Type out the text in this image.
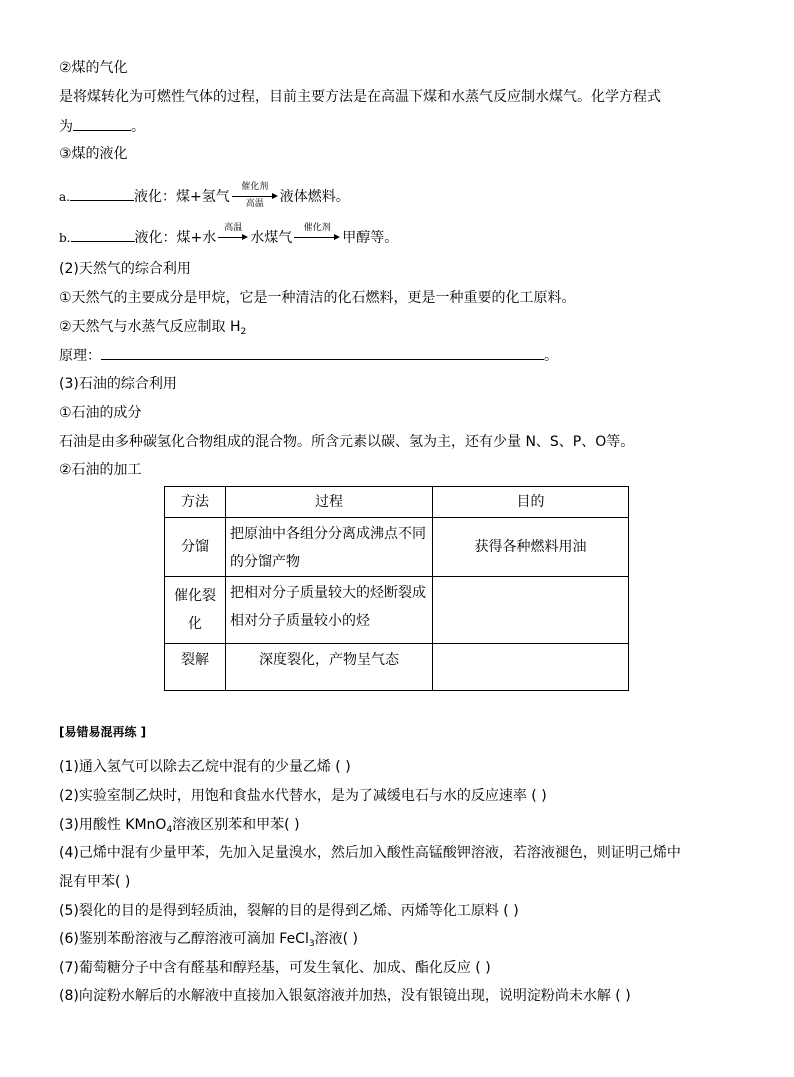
②煤的气化
是将煤转化为可燃性气体的过程，目前主要方法是在高温下煤和水蒸气反应制水煤气。化学方程式
为	。
③煤的液化
a.	液化：煤+氢气
催化剂
高温	液体燃料。
b.	液化：煤+水
高温
水煤气
催化剂
甲醇等。
(2)天然气的综合利用
①天然气的主要成分是甲烷，它是一种清洁的化石燃料，更是一种重要的化工原料。
②天然气与水蒸气反应制取 $H_2$
原理：	。
(3)石油的综合利用
①石油的成分
石油是由多种碳氢化合物组成的混合物。所含元素以碳、氢为主，还有少量 N、S、P、O等。
②石油的加工
方法	过程	目的
分馏	把原油中各组分分离成沸点不同的分馏产物	获得各种燃料用油
催化裂化	把相对分子质量较大的烃断裂成相对分子质量较小的烃	
裂解	深度裂化，产物呈气态	
[易错易混再练 ]
(1)通入氢气可以除去乙烷中混有的少量乙烯 ( )
(2)实验室制乙炔时，用饱和食盐水代替水，是为了减缓电石与水的反应速率 ( )
(3)用酸性 KMnO$_4$溶液区别苯和甲苯( )
(4)己烯中混有少量甲苯，先加入足量溴水，然后加入酸性高锰酸钾溶液，若溶液褪色，则证明己烯中
混有甲苯( )
(5)裂化的目的是得到轻质油，裂解的目的是得到乙烯、丙烯等化工原料 ( )
(6)鉴别苯酚溶液与乙醇溶液可滴加 FeCl$_3$溶液( )
(7)葡萄糖分子中含有醛基和醇羟基，可发生氧化、加成、酯化反应 ( )
(8)向淀粉水解后的水解液中直接加入银氨溶液并加热，没有银镜出现，说明淀粉尚未水解 ( )
